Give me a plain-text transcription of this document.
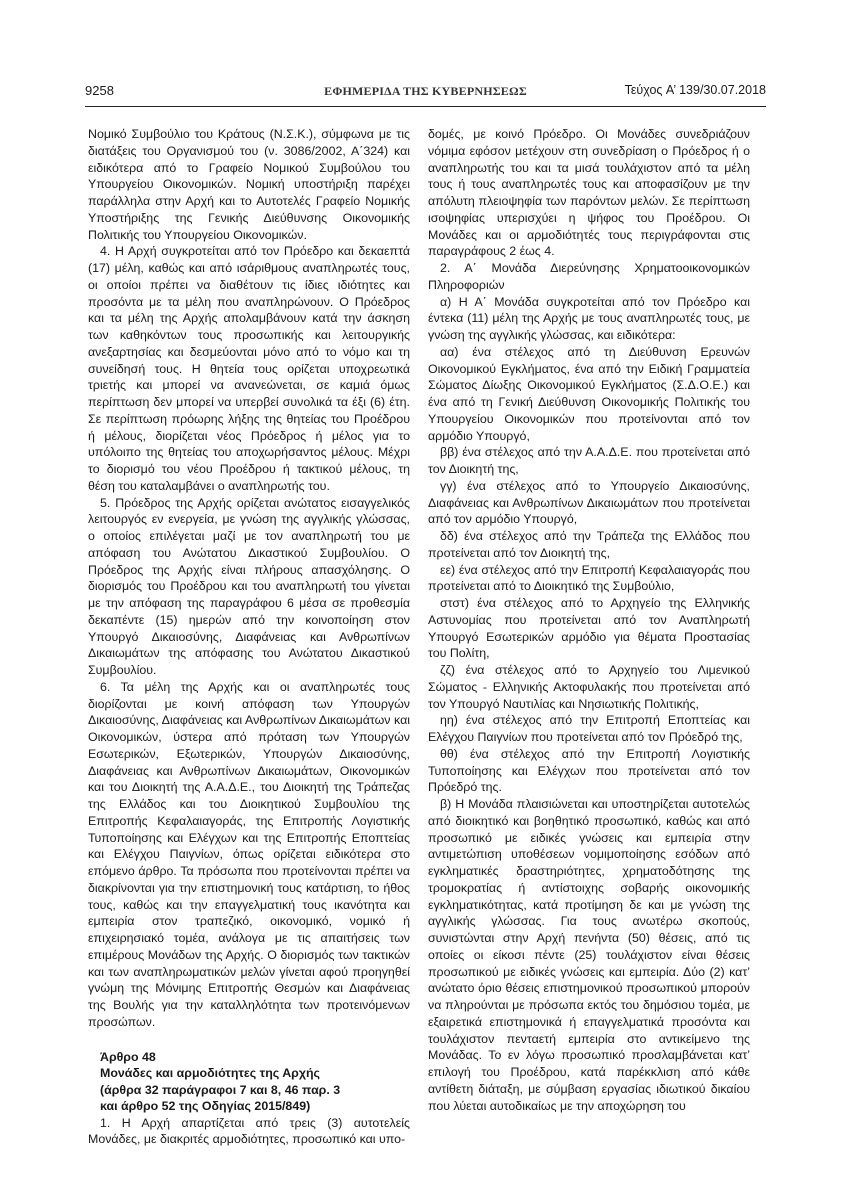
9258	ΕΦΗΜΕΡΙΔΑ ΤΗΣ ΚΥΒΕΡΝΗΣΕΩΣ	Τεύχος A’ 139/30.07.2018

Νομικό Συμβούλιο του Κράτους (Ν.Σ.Κ.), σύμφωνα με τις διατάξεις του Οργανισμού του (ν. 3086/2002, Α΄324) και ειδικότερα από το Γραφείο Νομικού Συμβούλου του Υπουργείου Οικονομικών. Νομική υποστήριξη παρέχει παράλληλα στην Αρχή και το Αυτοτελές Γραφείο Νομικής Υποστήριξης της Γενικής Διεύθυνσης Οικονομικής Πολιτικής του Υπουργείου Οικονομικών.

4. Η Αρχή συγκροτείται από τον Πρόεδρο και δεκαεπτά (17) μέλη, καθώς και από ισάριθμους αναπληρωτές τους, οι οποίοι πρέπει να διαθέτουν τις ίδιες ιδιότητες και προσόντα με τα μέλη που αναπληρώνουν. Ο Πρόεδρος και τα μέλη της Αρχής απολαμβάνουν κατά την άσκηση των καθηκόντων τους προσωπικής και λειτουργικής ανεξαρτησίας και δεσμεύονται μόνο από το νόμο και τη συνείδησή τους. Η θητεία τους ορίζεται υποχρεωτικά τριετής και μπορεί να ανανεώνεται, σε καμιά όμως περίπτωση δεν μπορεί να υπερβεί συνολικά τα έξι (6) έτη. Σε περίπτωση πρόωρης λήξης της θητείας του Προέδρου ή μέλους, διορίζεται νέος Πρόεδρος ή μέλος για το υπόλοιπο της θητείας του αποχωρήσαντος μέλους. Μέχρι το διορισμό του νέου Προέδρου ή τακτικού μέλους, τη θέση του καταλαμβάνει ο αναπληρωτής του.

5. Πρόεδρος της Αρχής ορίζεται ανώτατος εισαγγελικός λειτουργός εν ενεργεία, με γνώση της αγγλικής γλώσσας, ο οποίος επιλέγεται μαζί με τον αναπληρωτή του με απόφαση του Ανώτατου Δικαστικού Συμβουλίου. Ο Πρόεδρος της Αρχής είναι πλήρους απασχόλησης. Ο διορισμός του Προέδρου και του αναπληρωτή του γίνεται με την απόφαση της παραγράφου 6 μέσα σε προθεσμία δεκαπέντε (15) ημερών από την κοινοποίηση στον Υπουργό Δικαιοσύνης, Διαφάνειας και Ανθρωπίνων Δικαιωμάτων της απόφασης του Ανώτατου Δικαστικού Συμβουλίου.

6. Τα μέλη της Αρχής και οι αναπληρωτές τους διορίζονται με κοινή απόφαση των Υπουργών Δικαιοσύνης, Διαφάνειας και Ανθρωπίνων Δικαιωμάτων και Οικονομικών, ύστερα από πρόταση των Υπουργών Εσωτερικών, Εξωτερικών, Υπουργών Δικαιοσύνης, Διαφάνειας και Ανθρωπίνων Δικαιωμάτων, Οικονομικών και του Διοικητή της Α.Α.Δ.Ε., του Διοικητή της Τράπεζας της Ελλάδος και του Διοικητικού Συμβουλίου της Επιτροπής Κεφαλαιαγοράς, της Επιτροπής Λογιστικής Τυποποίησης και Ελέγχων και της Επιτροπής Εποπτείας και Ελέγχου Παιγνίων, όπως ορίζεται ειδικότερα στο επόμενο άρθρο. Τα πρόσωπα που προτείνονται πρέπει να διακρίνονται για την επιστημονική τους κατάρτιση, το ήθος τους, καθώς και την επαγγελματική τους ικανότητα και εμπειρία στον τραπεζικό, οικονομικό, νομικό ή επιχειρησιακό τομέα, ανάλογα με τις απαιτήσεις των επιμέρους Μονάδων της Αρχής. Ο διορισμός των τακτικών και των αναπληρωματικών μελών γίνεται αφού προηγηθεί γνώμη της Μόνιμης Επιτροπής Θεσμών και Διαφάνειας της Βουλής για την καταλληλότητα των προτεινόμενων προσώπων.

Άρθρο 48
Μονάδες και αρμοδιότητες της Αρχής
(άρθρα 32 παράγραφοι 7 και 8, 46 παρ. 3
και άρθρο 52 της Οδηγίας 2015/849)

1. Η Αρχή απαρτίζεται από τρεις (3) αυτοτελείς Μονάδες, με διακριτές αρμοδιότητες, προσωπικό και υπο-

δομές, με κοινό Πρόεδρο. Οι Μονάδες συνεδριάζουν νόμιμα εφόσον μετέχουν στη συνεδρίαση ο Πρόεδρος ή ο αναπληρωτής του και τα μισά τουλάχιστον από τα μέλη τους ή τους αναπληρωτές τους και αποφασίζουν με την απόλυτη πλειοψηφία των παρόντων μελών. Σε περίπτωση ισοψηφίας υπερισχύει η ψήφος του Προέδρου. Οι Μονάδες και οι αρμοδιότητές τους περιγράφονται στις παραγράφους 2 έως 4.

2. Α΄ Μονάδα Διερεύνησης Χρηματοοικονομικών Πληροφοριών

α) Η Α΄ Μονάδα συγκροτείται από τον Πρόεδρο και έντεκα (11) μέλη της Αρχής με τους αναπληρωτές τους, με γνώση της αγγλικής γλώσσας, και ειδικότερα:

αα) ένα στέλεχος από τη Διεύθυνση Ερευνών Οικονομικού Εγκλήματος, ένα από την Ειδική Γραμματεία Σώματος Δίωξης Οικονομικού Εγκλήματος (Σ.Δ.Ο.Ε.) και ένα από τη Γενική Διεύθυνση Οικονομικής Πολιτικής του Υπουργείου Οικονομικών που προτείνονται από τον αρμόδιο Υπουργό,

ββ) ένα στέλεχος από την Α.Α.Δ.Ε. που προτείνεται από τον Διοικητή της,

γγ) ένα στέλεχος από το Υπουργείο Δικαιοσύνης, Διαφάνειας και Ανθρωπίνων Δικαιωμάτων που προτείνεται από τον αρμόδιο Υπουργό,

δδ) ένα στέλεχος από την Τράπεζα της Ελλάδος που προτείνεται από τον Διοικητή της,

εε) ένα στέλεχος από την Επιτροπή Κεφαλαιαγοράς που προτείνεται από το Διοικητικό της Συμβούλιο,

στστ) ένα στέλεχος από το Αρχηγείο της Ελληνικής Αστυνομίας που προτείνεται από τον Αναπληρωτή Υπουργό Εσωτερικών αρμόδιο για θέματα Προστασίας του Πολίτη,

ζζ) ένα στέλεχος από το Αρχηγείο του Λιμενικού Σώματος - Ελληνικής Ακτοφυλακής που προτείνεται από τον Υπουργό Ναυτιλίας και Νησιωτικής Πολιτικής,

ηη) ένα στέλεχος από την Επιτροπή Εποπτείας και Ελέγχου Παιγνίων που προτείνεται από τον Πρόεδρό της,

θθ) ένα στέλεχος από την Επιτροπή Λογιστικής Τυποποίησης και Ελέγχων που προτείνεται από τον Πρόεδρό της.

β) Η Μονάδα πλαισιώνεται και υποστηρίζεται αυτοτελώς από διοικητικό και βοηθητικό προσωπικό, καθώς και από προσωπικό με ειδικές γνώσεις και εμπειρία στην αντιμετώπιση υποθέσεων νομιμοποίησης εσόδων από εγκληματικές δραστηριότητες, χρηματοδότησης της τρομοκρατίας ή αντίστοιχης σοβαρής οικονομικής εγκληματικότητας, κατά προτίμηση δε και με γνώση της αγγλικής γλώσσας. Για τους ανωτέρω σκοπούς, συνιστώνται στην Αρχή πενήντα (50) θέσεις, από τις οποίες οι είκοσι πέντε (25) τουλάχιστον είναι θέσεις προσωπικού με ειδικές γνώσεις και εμπειρία. Δύο (2) κατ’ ανώτατο όριο θέσεις επιστημονικού προσωπικού μπορούν να πληρούνται με πρόσωπα εκτός του δημόσιου τομέα, με εξαιρετικά επιστημονικά ή επαγγελματικά προσόντα και τουλάχιστον πενταετή εμπειρία στο αντικείμενο της Μονάδας. Το εν λόγω προσωπικό προσλαμβάνεται κατ’ επιλογή του Προέδρου, κατά παρέκκλιση από κάθε αντίθετη διάταξη, με σύμβαση εργασίας ιδιωτικού δικαίου που λύεται αυτοδικαίως με την αποχώρηση του
